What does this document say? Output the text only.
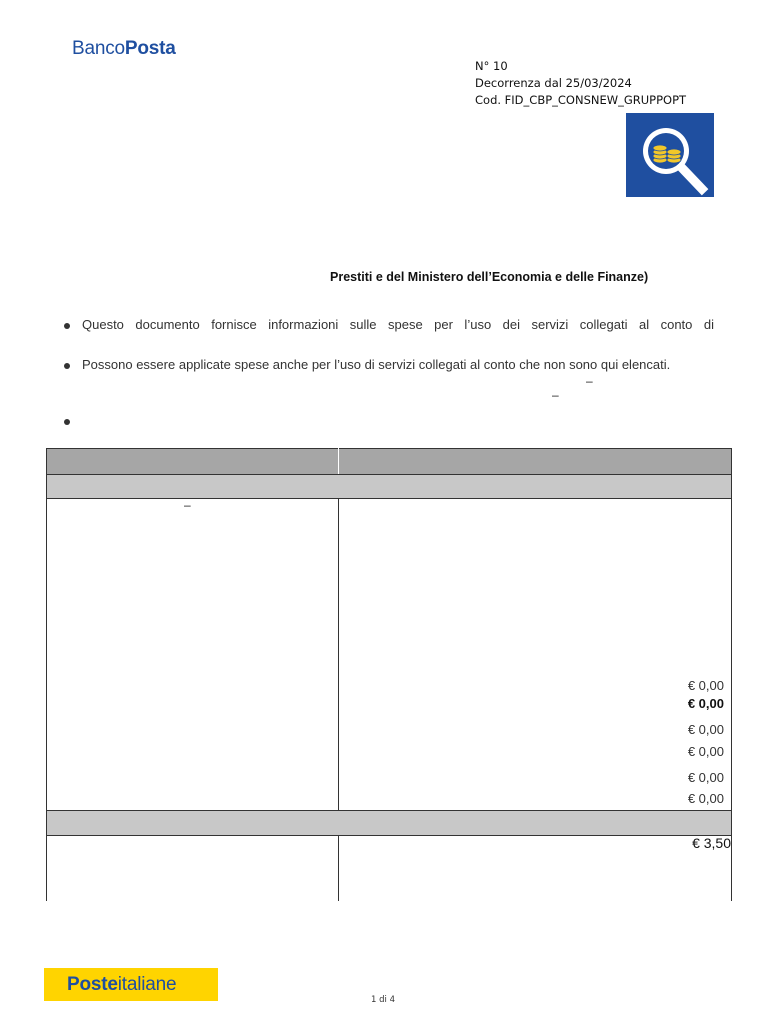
BancoPosta
N° 10
Decorrenza dal 25/03/2024
Cod. FID_CBP_CONSNEW_GRUPPOPT
Prestiti e del Ministero dell’Economia e delle Finanze)
Questo documento fornisce informazioni sulle spese per l’uso dei servizi collegati al conto di
Possono essere applicate spese anche per l’uso di servizi collegati al conto che non sono qui elencati.
–
–
–
€ 0,00
€ 0,00
€ 0,00
€ 0,00
€ 0,00
€ 0,00
€ 3,50
Posteitaliane
1 di 4
